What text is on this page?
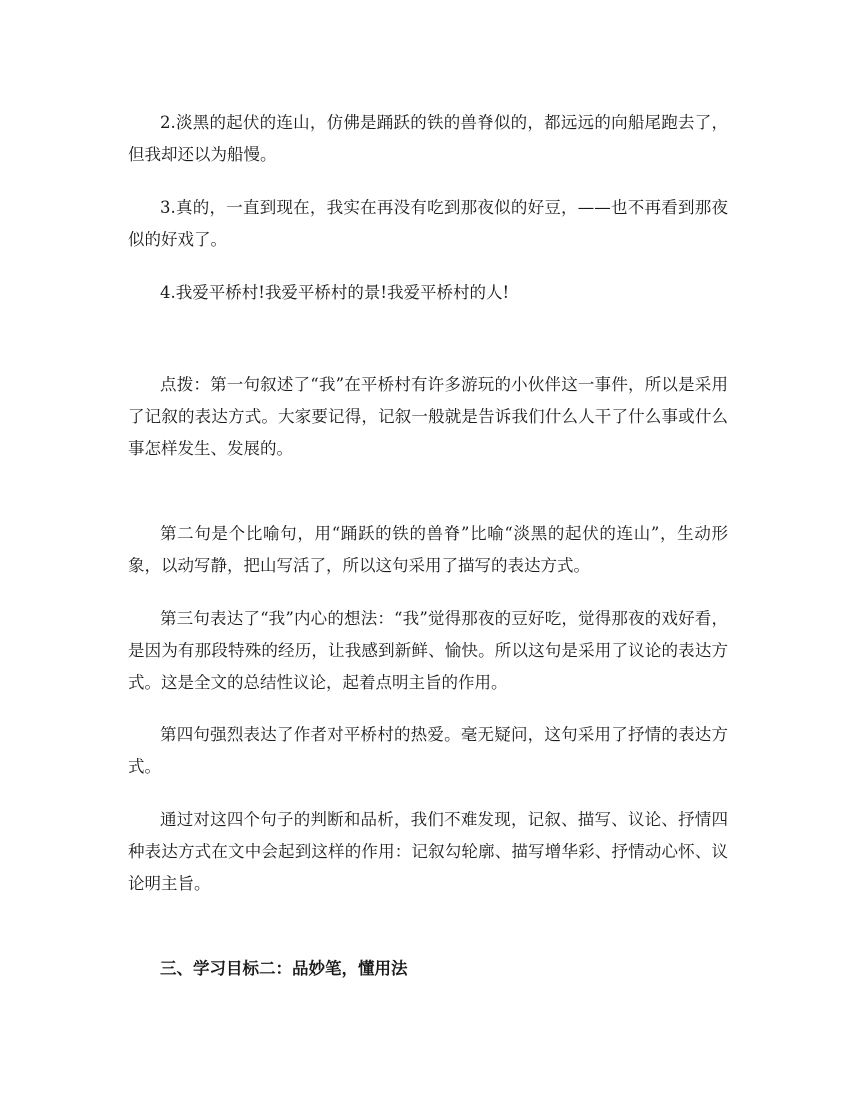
2.淡黑的起伏的连山，仿佛是踊跃的铁的兽脊似的，都远远的向船尾跑去了，但我却还以为船慢。

3.真的，一直到现在，我实在再没有吃到那夜似的好豆，——也不再看到那夜似的好戏了。

4.我爱平桥村!我爱平桥村的景!我爱平桥村的人!

点拨：第一句叙述了“我”在平桥村有许多游玩的小伙伴这一事件，所以是采用了记叙的表达方式。大家要记得，记叙一般就是告诉我们什么人干了什么事或什么事怎样发生、发展的。

第二句是个比喻句，用“踊跃的铁的兽脊”比喻“淡黑的起伏的连山”，生动形象，以动写静，把山写活了，所以这句采用了描写的表达方式。

第三句表达了“我”内心的想法：“我”觉得那夜的豆好吃，觉得那夜的戏好看，是因为有那段特殊的经历，让我感到新鲜、愉快。所以这句是采用了议论的表达方式。这是全文的总结性议论，起着点明主旨的作用。

第四句强烈表达了作者对平桥村的热爱。毫无疑问，这句采用了抒情的表达方式。

通过对这四个句子的判断和品析，我们不难发现，记叙、描写、议论、抒情四种表达方式在文中会起到这样的作用：记叙勾轮廓、描写增华彩、抒情动心怀、议论明主旨。

三、学习目标二：品妙笔，懂用法
